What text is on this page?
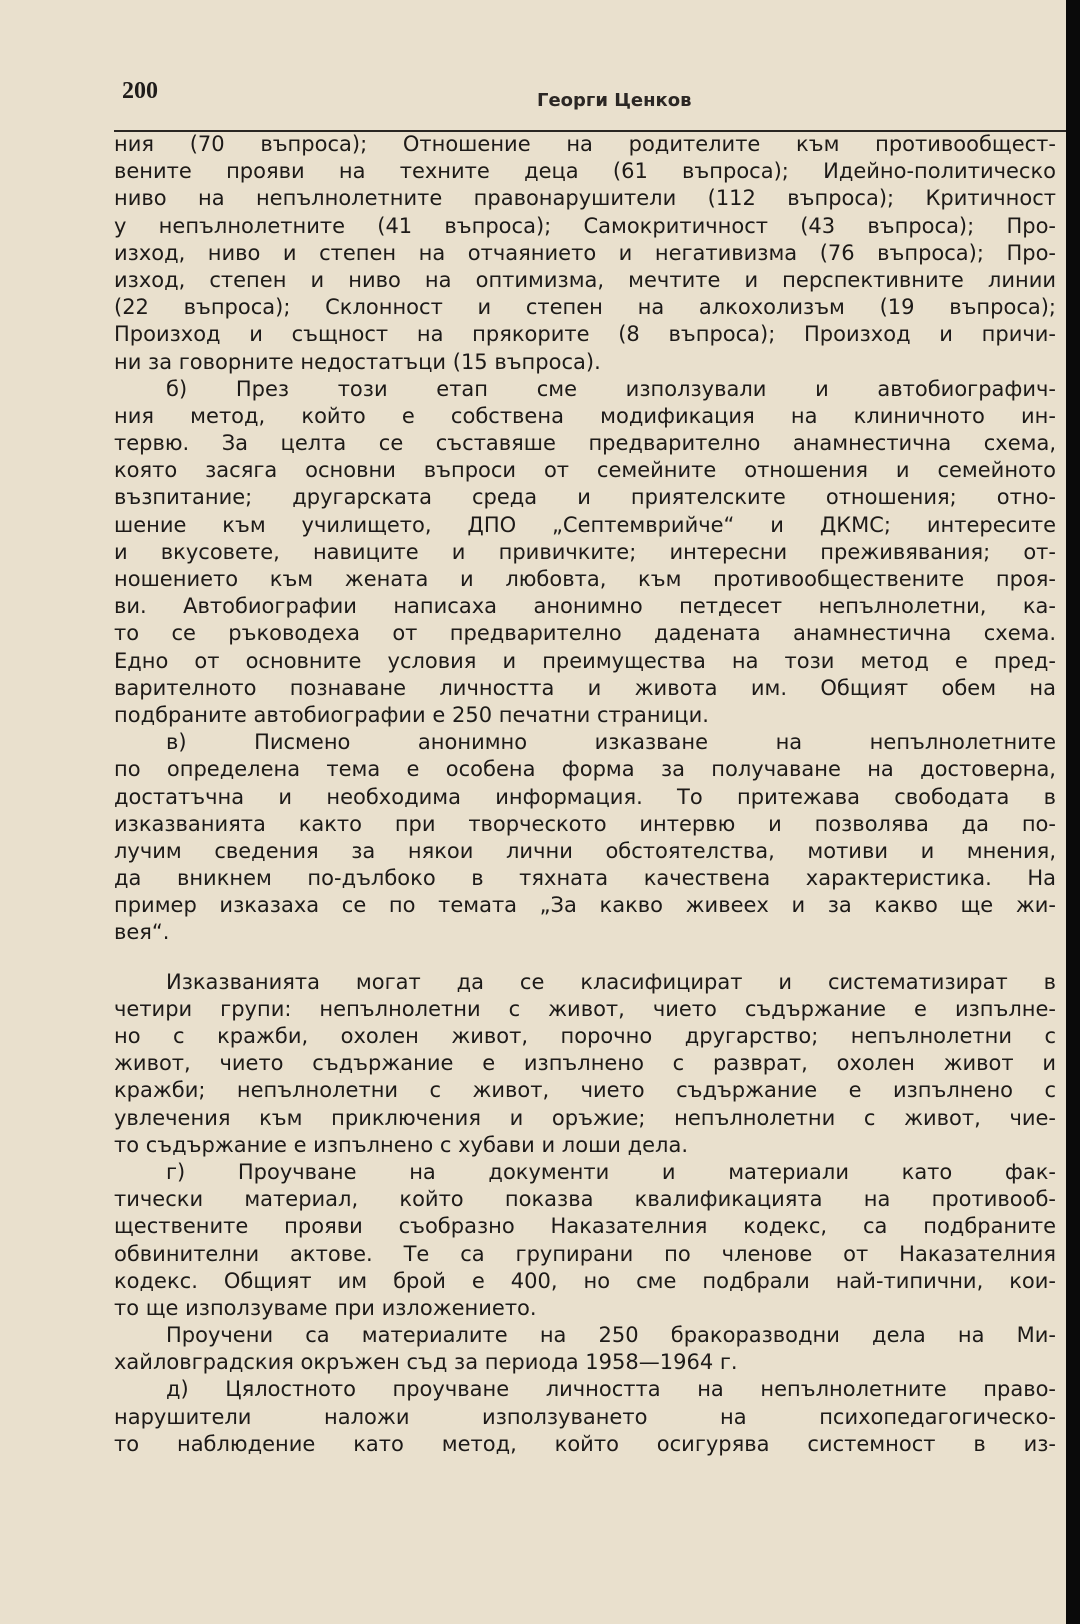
200	Георги Ценков
ния (70 въпроса); Отношение на родителите към противообщест-
вените прояви на техните деца (61 въпроса); Идейно-политическо
ниво на непълнолетните правонарушители (112 въпроса); Критичност
у непълнолетните (41 въпроса); Самокритичност (43 въпроса); Про-
изход, ниво и степен на отчаянието и негативизма (76 въпроса); Про-
изход, степен и ниво на оптимизма, мечтите и перспективните линии
(22 въпроса); Склонност и степен на алкохолизъм (19 въпроса);
Произход и същност на прякорите (8 въпроса); Произход и причи-
ни за говорните недостатъци (15 въпроса).
б) През този етап сме използували и автобиографич-
ния метод, който е собствена модификация на клиничното ин-
тервю. За целта се съставяше предварително анамнестична схема,
която засяга основни въпроси от семейните отношения и семейното
възпитание; другарската среда и приятелските отношения; отно-
шение към училището, ДПО „Септемврийче“ и ДКМС; интересите
и вкусовете, навиците и привичките; интересни преживявания; от-
ношението към жената и любовта, към противообществените проя-
ви. Автобиографии написаха анонимно петдесет непълнолетни, ка-
то се ръководеха от предварително дадената анамнестична схема.
Едно от основните условия и преимущества на този метод е пред-
варителното познаване личността и живота им. Общият обем на
подбраните автобиографии е 250 печатни страници.
в) Писмено анонимно изказване на непълнолетните
по определена тема е особена форма за получаване на достоверна,
достатъчна и необходима информация. То притежава свободата в
изказванията както при творческото интервю и позволява да по-
лучим сведения за някои лични обстоятелства, мотиви и мнения,
да вникнем по-дълбоко в тяхната качествена характеристика. На
пример изказаха се по темата „За какво живеех и за какво ще жи-
вея“.
Изказванията могат да се класифицират и систематизират в
четири групи: непълнолетни с живот, чието съдържание е изпълне-
но с кражби, охолен живот, порочно другарство; непълнолетни с
живот, чието съдържание е изпълнено с разврат, охолен живот и
кражби; непълнолетни с живот, чието съдържание е изпълнено с
увлечения към приключения и оръжие; непълнолетни с живот, чие-
то съдържание е изпълнено с хубави и лоши дела.
г) Проучване на документи и материали като фак-
тически материал, който показва квалификацията на противооб-
ществените прояви съобразно Наказателния кодекс, са подбраните
обвинителни актове. Те са групирани по членове от Наказателния
кодекс. Общият им брой е 400, но сме подбрали най-типични, кои-
то ще използуваме при изложението.
Проучени са материалите на 250 бракоразводни дела на Ми-
хайловградския окръжен съд за периода 1958—1964 г.
д) Цялостното проучване личността на непълнолетните право-
нарушители наложи използуването на психопедагогическо-
то наблюдение като метод, който осигурява системност в из-
